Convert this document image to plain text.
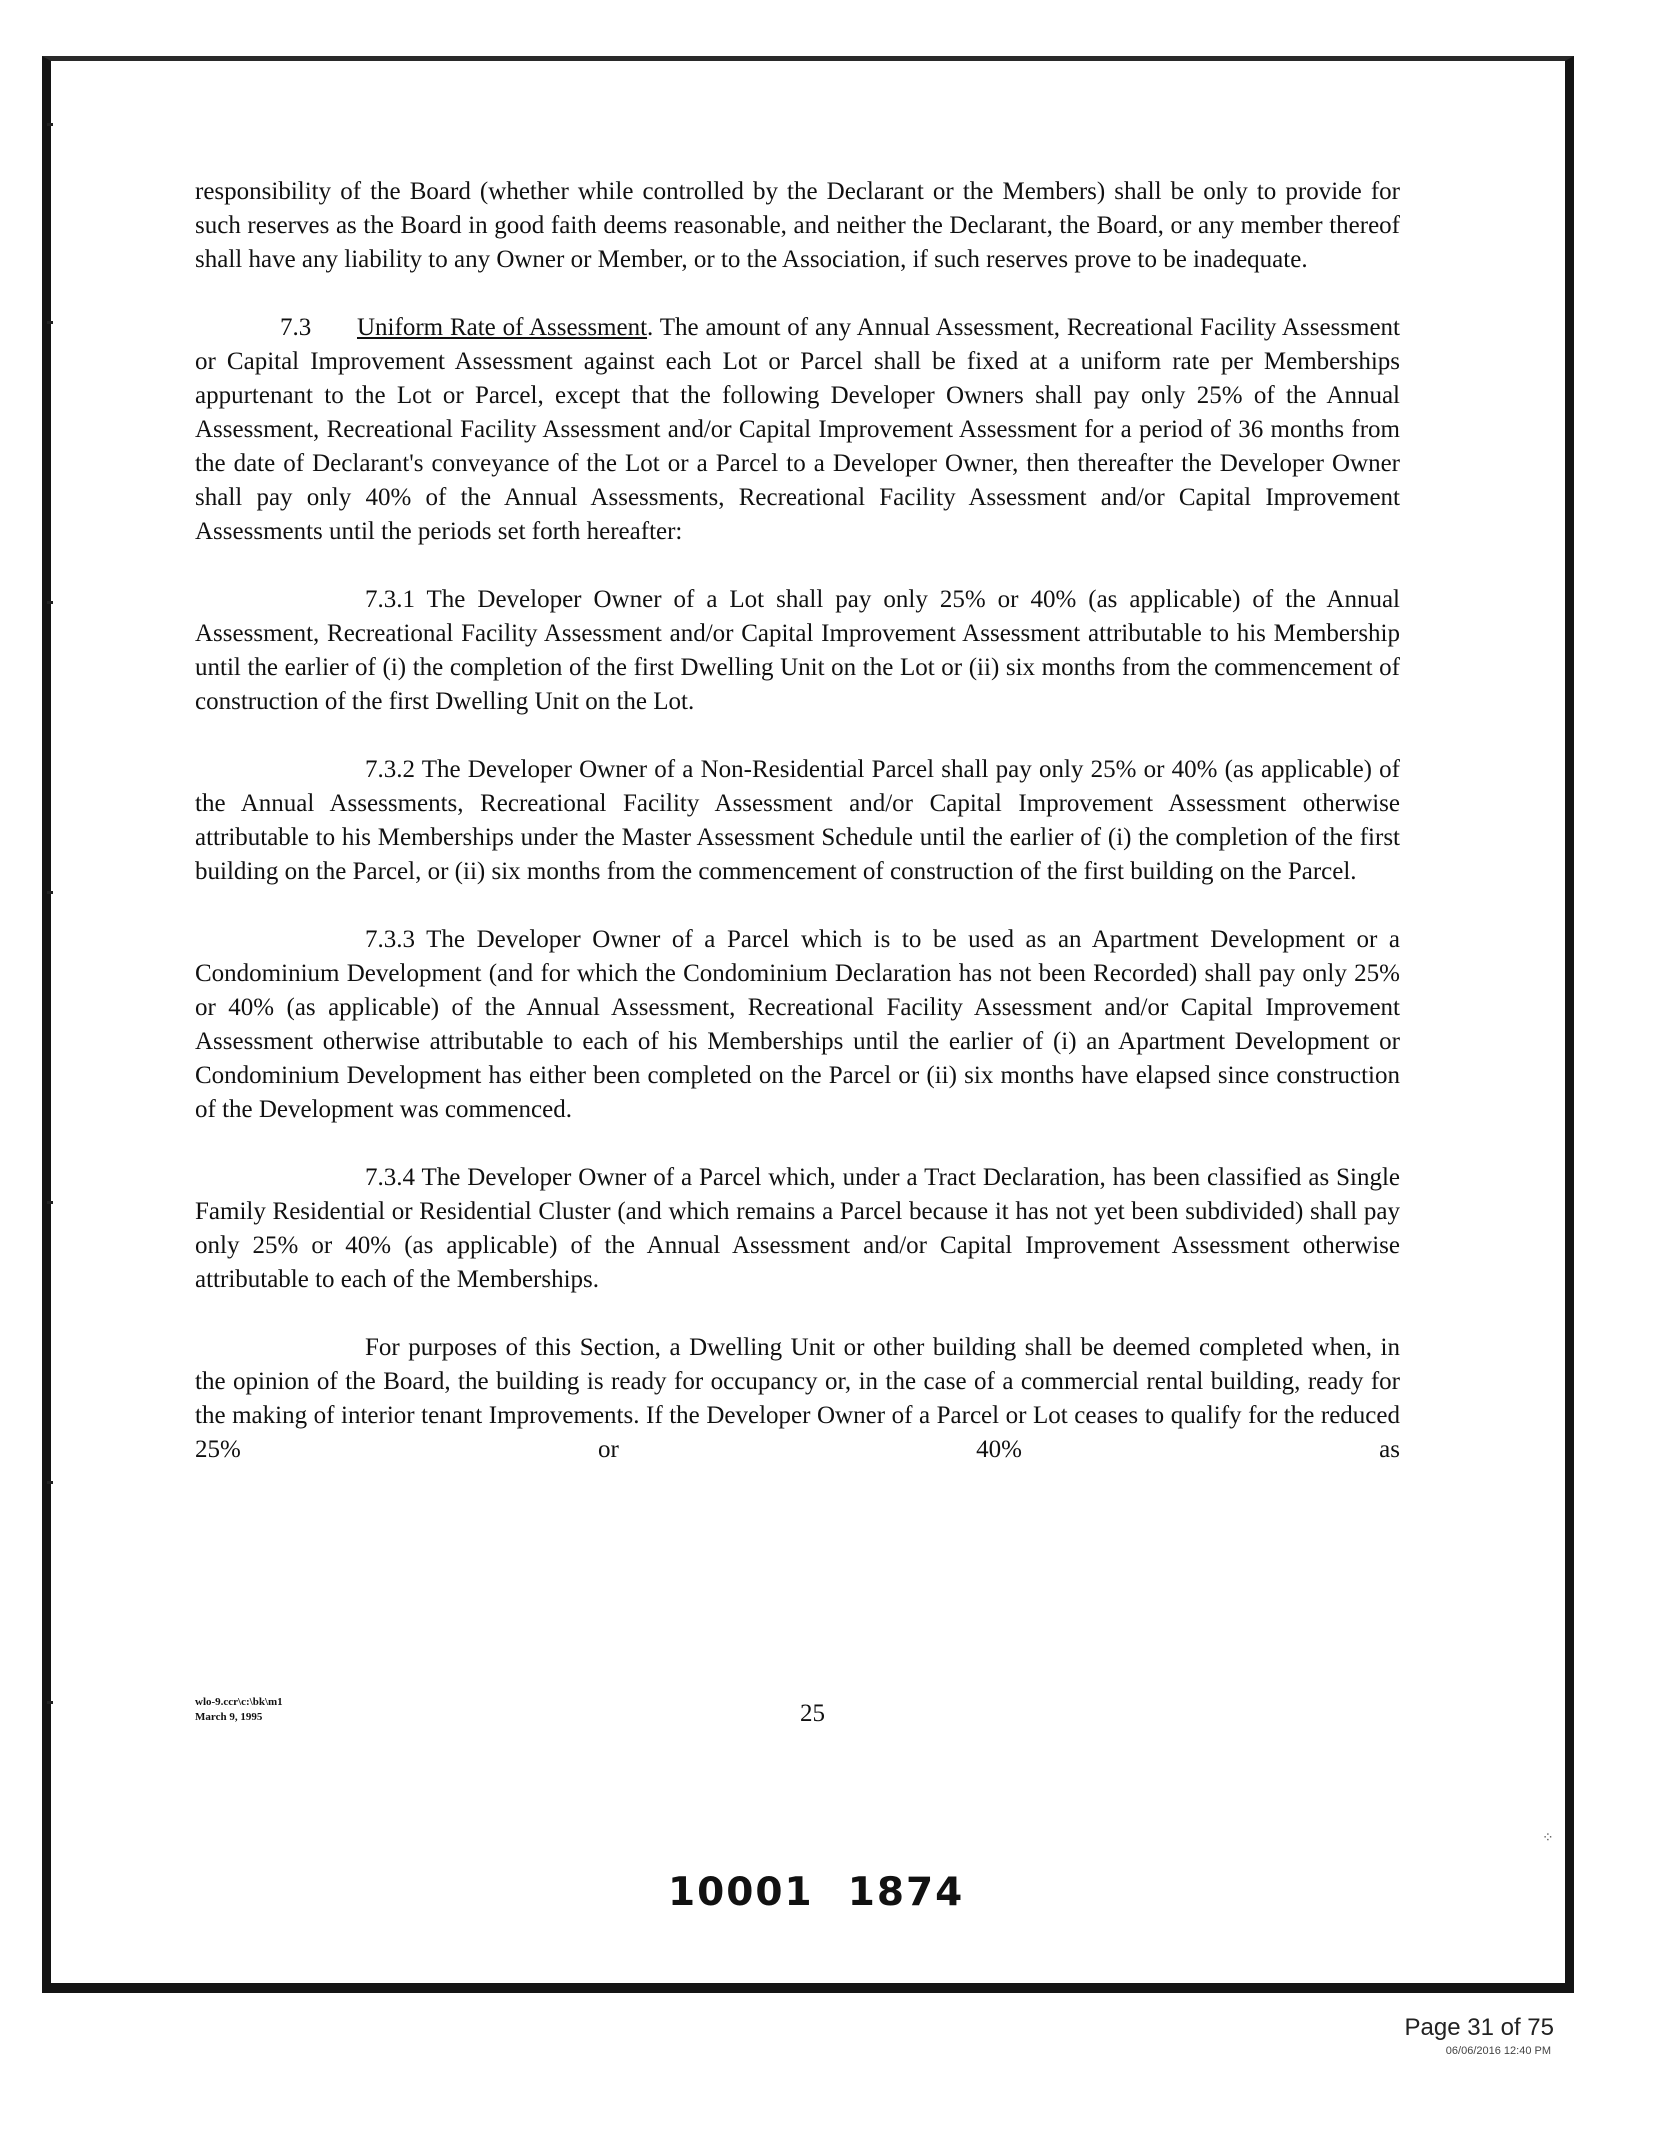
responsibility of the Board (whether while controlled by the Declarant or the Members) shall be only to provide for such reserves as the Board in good faith deems reasonable, and neither the Declarant, the Board, or any member thereof shall have any liability to any Owner or Member, or to the Association, if such reserves prove to be inadequate.

7.3 Uniform Rate of Assessment. The amount of any Annual Assessment, Recreational Facility Assessment or Capital Improvement Assessment against each Lot or Parcel shall be fixed at a uniform rate per Memberships appurtenant to the Lot or Parcel, except that the following Developer Owners shall pay only 25% of the Annual Assessment, Recreational Facility Assessment and/or Capital Improvement Assessment for a period of 36 months from the date of Declarant's conveyance of the Lot or a Parcel to a Developer Owner, then thereafter the Developer Owner shall pay only 40% of the Annual Assessments, Recreational Facility Assessment and/or Capital Improvement Assessments until the periods set forth hereafter:

7.3.1 The Developer Owner of a Lot shall pay only 25% or 40% (as applicable) of the Annual Assessment, Recreational Facility Assessment and/or Capital Improvement Assessment attributable to his Membership until the earlier of (i) the completion of the first Dwelling Unit on the Lot or (ii) six months from the commencement of construction of the first Dwelling Unit on the Lot.

7.3.2 The Developer Owner of a Non-Residential Parcel shall pay only 25% or 40% (as applicable) of the Annual Assessments, Recreational Facility Assessment and/or Capital Improvement Assessment otherwise attributable to his Memberships under the Master Assessment Schedule until the earlier of (i) the completion of the first building on the Parcel, or (ii) six months from the commencement of construction of the first building on the Parcel.

7.3.3 The Developer Owner of a Parcel which is to be used as an Apartment Development or a Condominium Development (and for which the Condominium Declaration has not been Recorded) shall pay only 25% or 40% (as applicable) of the Annual Assessment, Recreational Facility Assessment and/or Capital Improvement Assessment otherwise attributable to each of his Memberships until the earlier of (i) an Apartment Development or Condominium Development has either been completed on the Parcel or (ii) six months have elapsed since construction of the Development was commenced.

7.3.4 The Developer Owner of a Parcel which, under a Tract Declaration, has been classified as Single Family Residential or Residential Cluster (and which remains a Parcel because it has not yet been subdivided) shall pay only 25% or 40% (as applicable) of the Annual Assessment and/or Capital Improvement Assessment otherwise attributable to each of the Memberships.

For purposes of this Section, a Dwelling Unit or other building shall be deemed completed when, in the opinion of the Board, the building is ready for occupancy or, in the case of a commercial rental building, ready for the making of interior tenant Improvements. If the Developer Owner of a Parcel or Lot ceases to qualify for the reduced 25% or 40% as

wlo-9.ccr\c:\bk\m1
March 9, 1995	25
10001 1874
⁘
Page 31 of 75
06/06/2016 12:40 PM
